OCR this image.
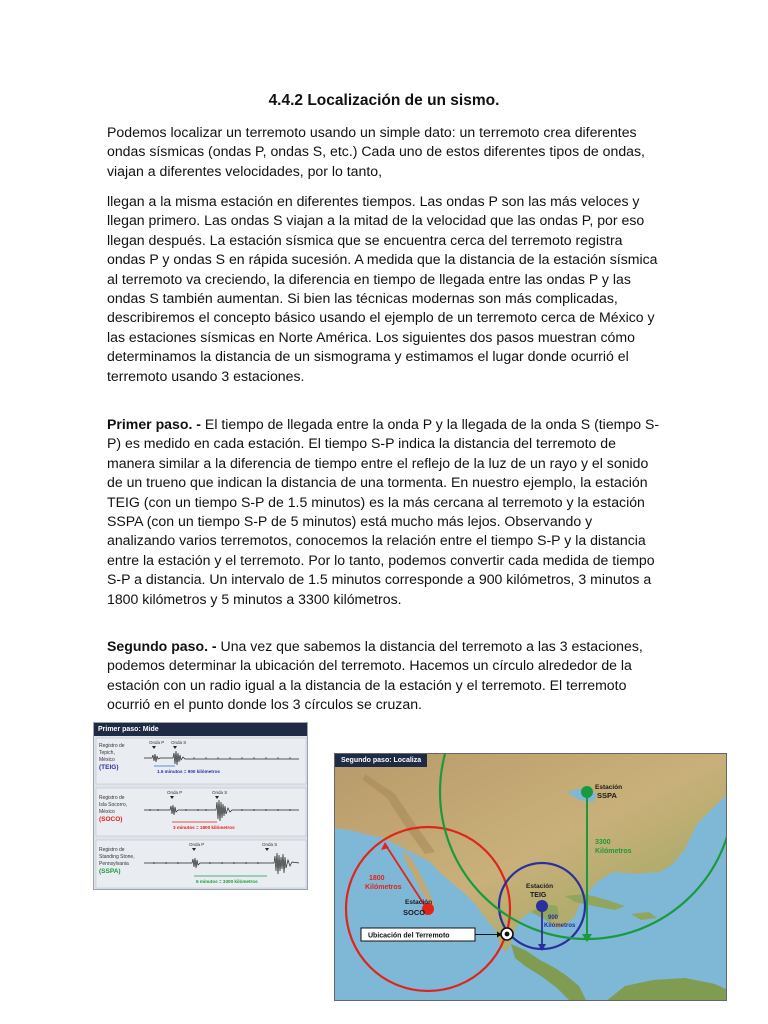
4.4.2 Localización de un sismo.

Podemos localizar un terremoto usando un simple dato: un terremoto crea diferentes ondas sísmicas (ondas P, ondas S, etc.) Cada uno de estos diferentes tipos de ondas, viajan a diferentes velocidades, por lo tanto,

llegan a la misma estación en diferentes tiempos. Las ondas P son las más veloces y llegan primero. Las ondas S viajan a la mitad de la velocidad que las ondas P, por eso llegan después. La estación sísmica que se encuentra cerca del terremoto registra ondas P y ondas S en rápida sucesión. A medida que la distancia de la estación sísmica al terremoto va creciendo, la diferencia en tiempo de llegada entre las ondas P y las ondas S también aumentan. Si bien las técnicas modernas son más complicadas, describiremos el concepto básico usando el ejemplo de un terremoto cerca de México y las estaciones sísmicas en Norte América. Los siguientes dos pasos muestran cómo determinamos la distancia de un sismograma y estimamos el lugar donde ocurrió el terremoto usando 3 estaciones.

Primer paso. - El tiempo de llegada entre la onda P y la llegada de la onda S (tiempo S-P) es medido en cada estación. El tiempo S-P indica la distancia del terremoto de manera similar a la diferencia de tiempo entre el reflejo de la luz de un rayo y el sonido de un trueno que indican la distancia de una tormenta. En nuestro ejemplo, la estación TEIG (con un tiempo S-P de 1.5 minutos) es la más cercana al terremoto y la estación SSPA (con un tiempo S-P de 5 minutos) está mucho más lejos. Observando y analizando varios terremotos, conocemos la relación entre el tiempo S-P y la distancia entre la estación y el terremoto. Por lo tanto, podemos convertir cada medida de tiempo S-P a distancia. Un intervalo de 1.5 minutos corresponde a 900 kilómetros, 3 minutos a 1800 kilómetros y 5 minutos a 3300 kilómetros.

Segundo paso. - Una vez que sabemos la distancia del terremoto a las 3 estaciones, podemos determinar la ubicación del terremoto. Hacemos un círculo alrededor de la estación con un radio igual a la distancia de la estación y el terremoto. El terremoto ocurrió en el punto donde los 3 círculos se cruzan.

Primer paso: Mide
Registro de
Tepich,
México
(TEIG)
Onda P Onda S
1.5 minutos = 900 kilómetros
Registro de
Isla Socorro,
México
(SOCO)
Onda P	Onda S
3 minutos = 1800 kilómetros
Registro de
Standing Stone,
Pennsylvania
(SSPA)
Onda P	Onda S
5 minutos = 3300 kilómetros
Segundo paso: Localiza
Estación
SSPA
3300
Kilómetros
1800
Kilómetros
Estación
SOCO
Estación
TEIG
900
Kilómetros
Ubicación del Terremoto
